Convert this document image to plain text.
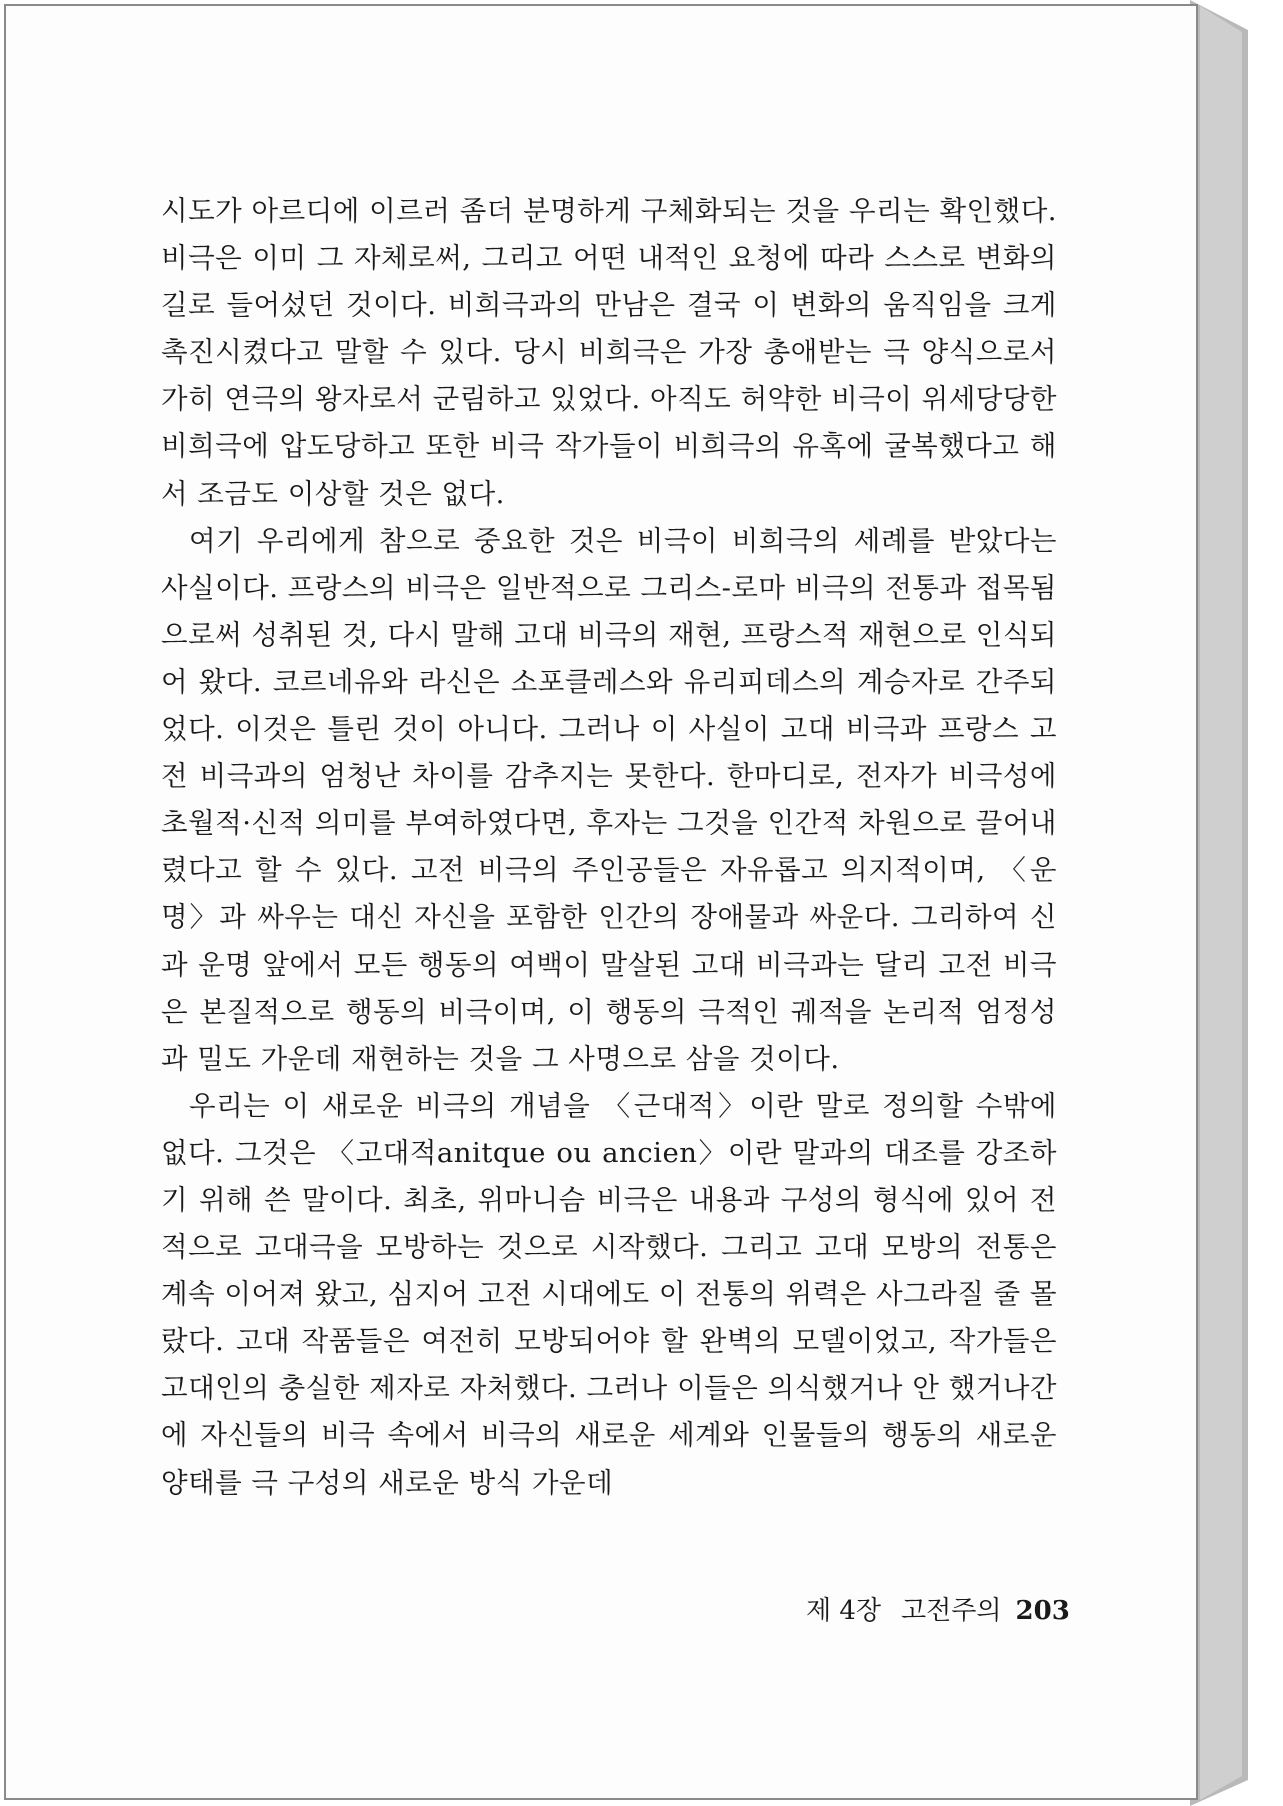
시도가 아르디에 이르러 좀더 분명하게 구체화되는 것을 우리는 확인했다. 비극은 이미 그 자체로써, 그리고 어떤 내적인 요청에 따라 스스로 변화의 길로 들어섰던 것이다. 비희극과의 만남은 결국 이 변화의 움직임을 크게 촉진시켰다고 말할 수 있다. 당시 비희극은 가장 총애받는 극 양식으로서 가히 연극의 왕자로서 군림하고 있었다. 아직도 허약한 비극이 위세당당한 비희극에 압도당하고 또한 비극 작가들이 비희극의 유혹에 굴복했다고 해서 조금도 이상할 것은 없다.

여기 우리에게 참으로 중요한 것은 비극이 비희극의 세례를 받았다는 사실이다. 프랑스의 비극은 일반적으로 그리스-로마 비극의 전통과 접목됨으로써 성취된 것, 다시 말해 고대 비극의 재현, 프랑스적 재현으로 인식되어 왔다. 코르네유와 라신은 소포클레스와 유리피데스의 계승자로 간주되었다. 이것은 틀린 것이 아니다. 그러나 이 사실이 고대 비극과 프랑스 고전 비극과의 엄청난 차이를 감추지는 못한다. 한마디로, 전자가 비극성에 초월적·신적 의미를 부여하였다면, 후자는 그것을 인간적 차원으로 끌어내렸다고 할 수 있다. 고전 비극의 주인공들은 자유롭고 의지적이며, 〈운명〉과 싸우는 대신 자신을 포함한 인간의 장애물과 싸운다. 그리하여 신과 운명 앞에서 모든 행동의 여백이 말살된 고대 비극과는 달리 고전 비극은 본질적으로 행동의 비극이며, 이 행동의 극적인 궤적을 논리적 엄정성과 밀도 가운데 재현하는 것을 그 사명으로 삼을 것이다.

우리는 이 새로운 비극의 개념을 〈근대적〉이란 말로 정의할 수밖에 없다. 그것은 〈고대적anitque ou ancien〉이란 말과의 대조를 강조하기 위해 쓴 말이다. 최초, 위마니슴 비극은 내용과 구성의 형식에 있어 전적으로 고대극을 모방하는 것으로 시작했다. 그리고 고대 모방의 전통은 계속 이어져 왔고, 심지어 고전 시대에도 이 전통의 위력은 사그라질 줄 몰랐다. 고대 작품들은 여전히 모방되어야 할 완벽의 모델이었고, 작가들은 고대인의 충실한 제자로 자처했다. 그러나 이들은 의식했거나 안 했거나간에 자신들의 비극 속에서 비극의 새로운 세계와 인물들의 행동의 새로운 양태를 극 구성의 새로운 방식 가운데

제 4장 고전주의 203
